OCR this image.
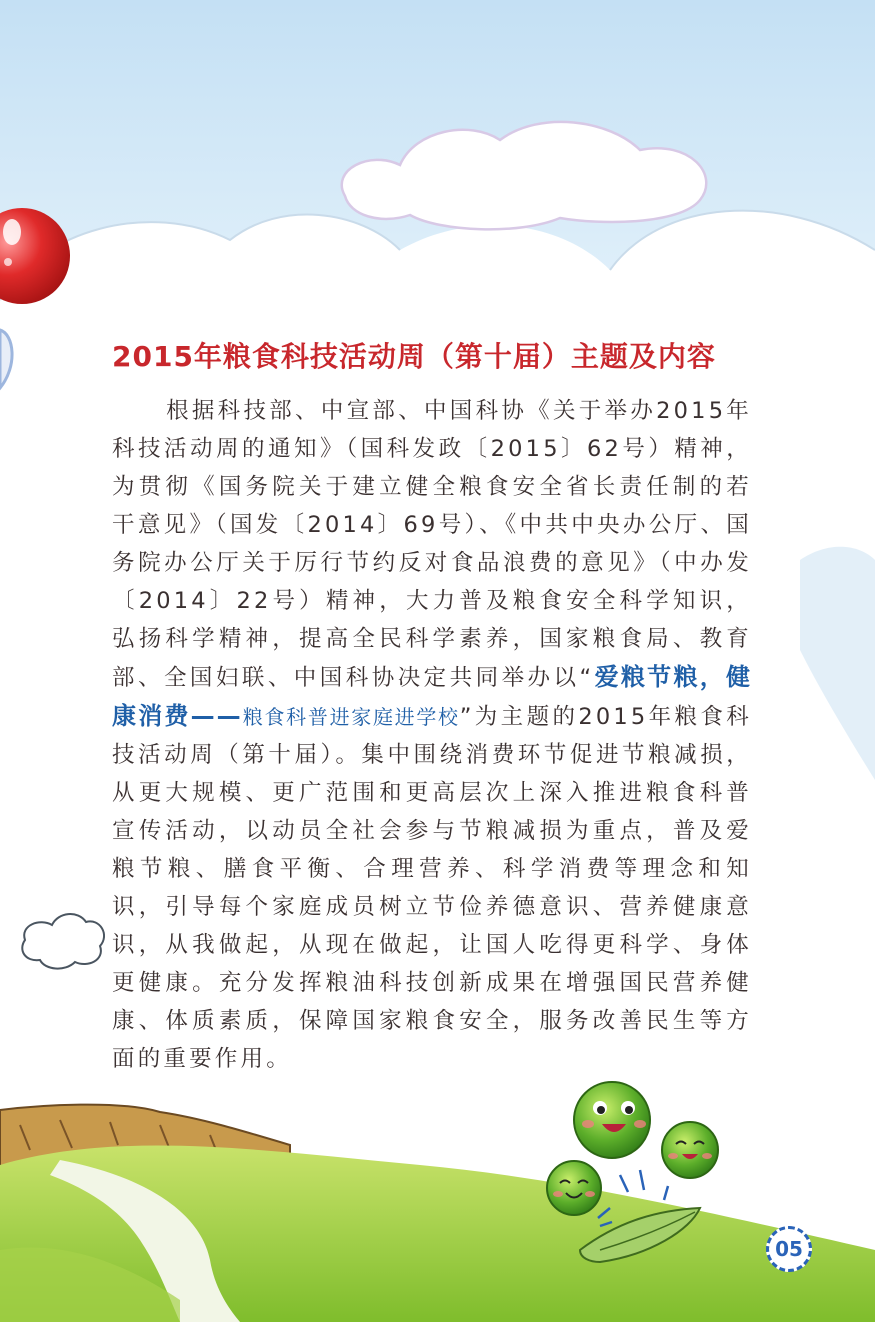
2015年粮食科技活动周（第十届）主题及内容
根据科技部、中宣部、中国科协《关于举办2015年科技活动周的通知》（国科发政〔2015〕62号）精神，为贯彻《国务院关于建立健全粮食安全省长责任制的若干意见》（国发〔2014〕69号）、《中共中央办公厅、国务院办公厅关于厉行节约反对食品浪费的意见》（中办发〔2014〕22号）精神，大力普及粮食安全科学知识，弘扬科学精神，提高全民科学素养，国家粮食局、教育部、全国妇联、中国科协决定共同举办以“爱粮节粮，健康消费——粮食科普进家庭进学校”为主题的2015年粮食科技活动周（第十届）。集中围绕消费环节促进节粮减损，从更大规模、更广范围和更高层次上深入推进粮食科普宣传活动，以动员全社会参与节粮减损为重点，普及爱粮节粮、膳食平衡、合理营养、科学消费等理念和知识，引导每个家庭成员树立节俭养德意识、营养健康意识，从我做起，从现在做起，让国人吃得更科学、身体更健康。充分发挥粮油科技创新成果在增强国民营养健康、体质素质，保障国家粮食安全，服务改善民生等方面的重要作用。
05
